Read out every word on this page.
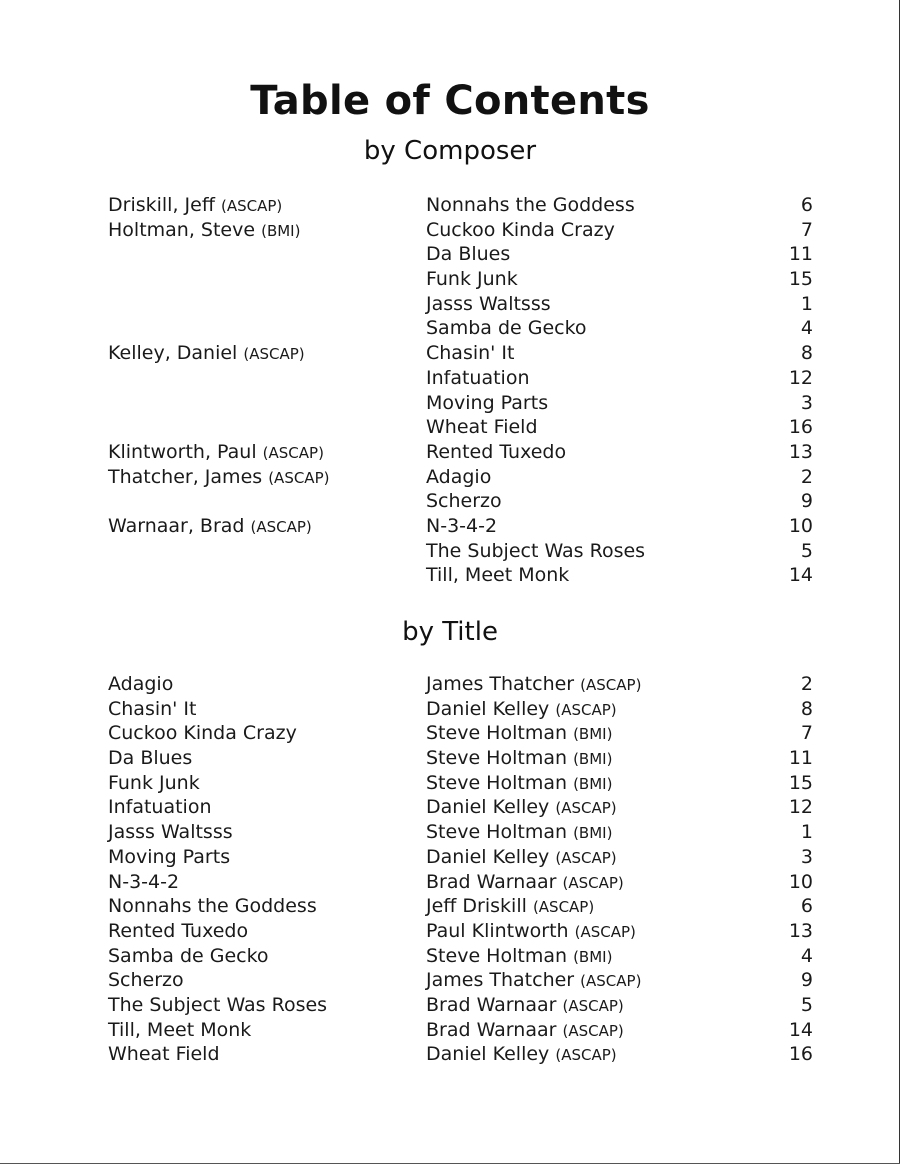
Table of Contents
by Composer
Driskill, Jeff (ASCAP)	Nonnahs the Goddess	6
Holtman, Steve (BMI)	Cuckoo Kinda Crazy	7
Da Blues	11
Funk Junk	15
Jasss Waltsss	1
Samba de Gecko	4
Kelley, Daniel (ASCAP)	Chasin' It	8
Infatuation	12
Moving Parts	3
Wheat Field	16
Klintworth, Paul (ASCAP)	Rented Tuxedo	13
Thatcher, James (ASCAP)	Adagio	2
Scherzo	9
Warnaar, Brad (ASCAP)	N-3-4-2	10
The Subject Was Roses	5
Till, Meet Monk	14
by Title
Adagio	James Thatcher (ASCAP)	2
Chasin' It	Daniel Kelley (ASCAP)	8
Cuckoo Kinda Crazy	Steve Holtman (BMI)	7
Da Blues	Steve Holtman (BMI)	11
Funk Junk	Steve Holtman (BMI)	15
Infatuation	Daniel Kelley (ASCAP)	12
Jasss Waltsss	Steve Holtman (BMI)	1
Moving Parts	Daniel Kelley (ASCAP)	3
N-3-4-2	Brad Warnaar (ASCAP)	10
Nonnahs the Goddess	Jeff Driskill (ASCAP)	6
Rented Tuxedo	Paul Klintworth (ASCAP)	13
Samba de Gecko	Steve Holtman (BMI)	4
Scherzo	James Thatcher (ASCAP)	9
The Subject Was Roses	Brad Warnaar (ASCAP)	5
Till, Meet Monk	Brad Warnaar (ASCAP)	14
Wheat Field	Daniel Kelley (ASCAP)	16
